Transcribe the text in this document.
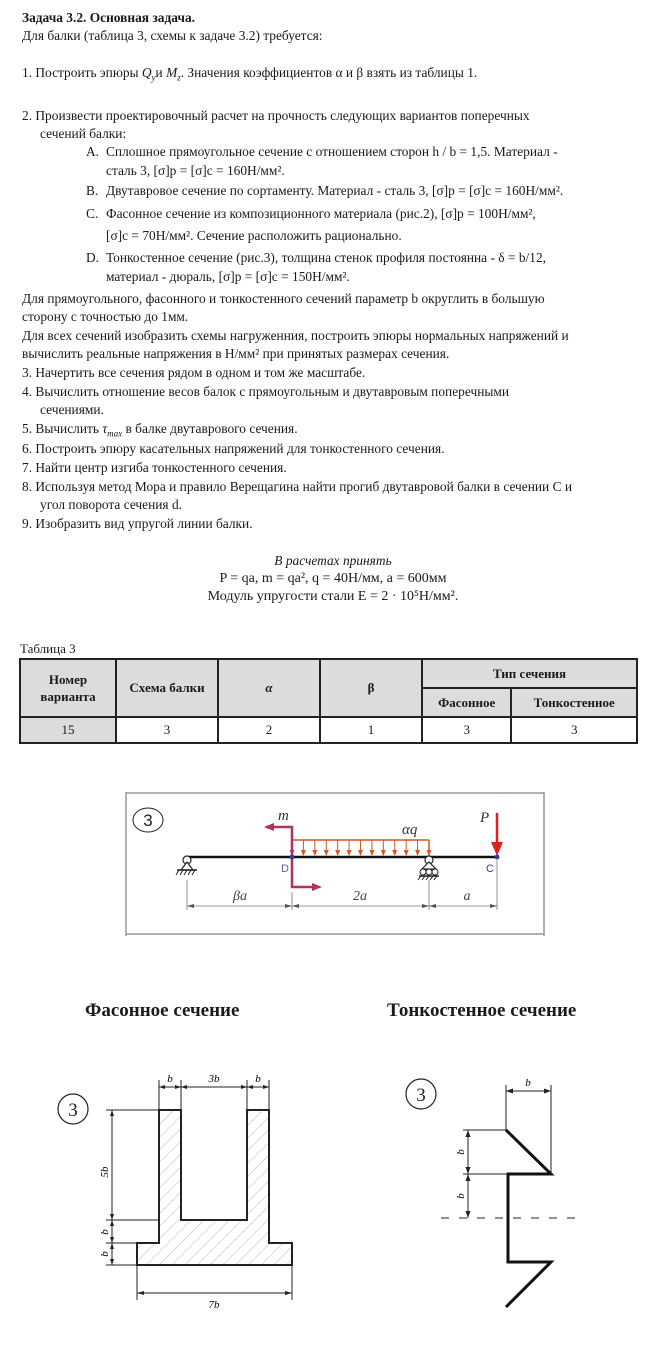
Задача 3.2. Основная задача.
Для балки (таблица 3, схемы к задаче 3.2) требуется:
1. Построить эпюры $Q_yи$ $M_z$. Значения коэффициентов α и β взять из таблицы 1.
2. Произвести проектировочный расчет на прочность следующих вариантов поперечных
сечений балки:
A. Сплошное прямоугольное сечение с отношением сторон h / b = 1,5. Материал -
сталь 3, [σ]p = [σ]c = 160Н/мм².
B. Двутавровое сечение по сортаменту. Материал - сталь 3, [σ]p = [σ]c = 160Н/мм².
C. Фасонное сечение из композиционного материала (рис.2), [σ]p = 100Н/мм²,
[σ]c = 70Н/мм². Сечение расположить рационально.
D. Тонкостенное сечение (рис.3), толщина стенок профиля постоянна - δ = b/12,
материал - дюраль, [σ]p = [σ]c = 150Н/мм².
Для прямоугольного, фасонного и тонкостенного сечений параметр b округлить в большую
сторону с точностью до 1мм.
Для всех сечений изобразить схемы нагруженния, построить эпюры нормальных напряжений и
вычислить реальные напряжения в Н/мм² при принятых размерах сечения.
3. Начертить все сечения рядом в одном и том же масштабе.
4. Вычислить отношение весов балок с прямоугольным и двутавровым поперечными
сечениями.
5. Вычислить $\tau_{max}$ в балке двутаврового сечения.
6. Построить эпюру касательных напряжений для тонкостенного сечения.
7. Найти центр изгиба тонкостенного сечения.
8. Используя метод Мора и правило Верещагина найти прогиб двутавровой балки в сечении С и
угол поворота сечения d.
9. Изобразить вид упругой линии балки.
В расчетах принять
P = qa, m = qa², q = 40Н/мм, a = 600мм
Модуль упругости стали E = 2 · 10⁵Н/мм².
Таблица 3
Номер
варианта	Схема балки	α	β	Тип сечения	
				Фасонное	Тонкостенное
15	3	2	1	3	3
3	αq
m	P
D	C
βa	2a	a
Фасонное сечение	Тонкостенное сечение
3
b	3b	b
5b
b
b
7b
3
b
b
b
